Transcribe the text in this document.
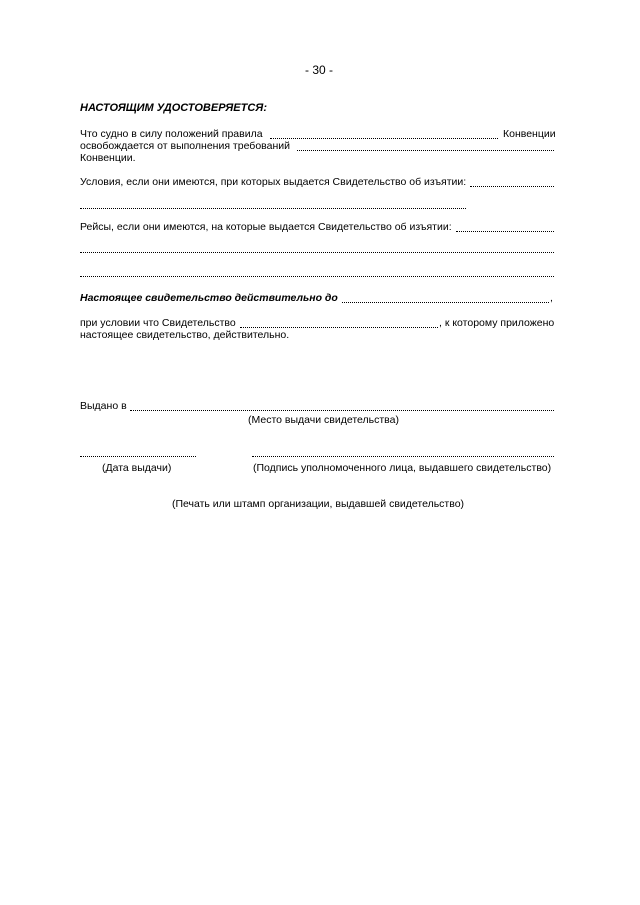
- 30 -
НАСТОЯЩИМ УДОСТОВЕРЯЕТСЯ:
Что судно в силу положений правила	Конвенции
освобождается от выполнения требований
Конвенции.
Условия, если они имеются, при которых выдается Свидетельство об изъятии:
Рейсы, если они имеются, на которые выдается Свидетельство об изъятии:
Настоящее свидетельство действительно до	,
при условии что Свидетельство	, к которому приложено
настоящее свидетельство, действительно.
Выдано в
(Место выдачи свидетельства)
(Дата выдачи)	(Подпись уполномоченного лица, выдавшего свидетельство)
(Печать или штамп организации, выдавшей свидетельство)
